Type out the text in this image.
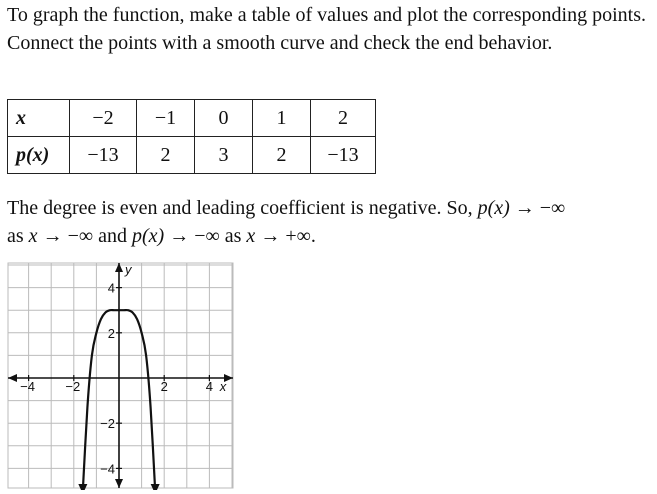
To graph the function, make a table of values and plot the corresponding points. Connect the points with a smooth curve and check the end behavior.
x	−2	−1	0	1	2
p(x)	−13	2	3	2	−13
The degree is even and leading coefficient is negative. So, p(x) → −∞
as x → −∞ and p(x) → −∞ as x → +∞.
−4 −2	2	4
4
2
−2
−4
x
y
